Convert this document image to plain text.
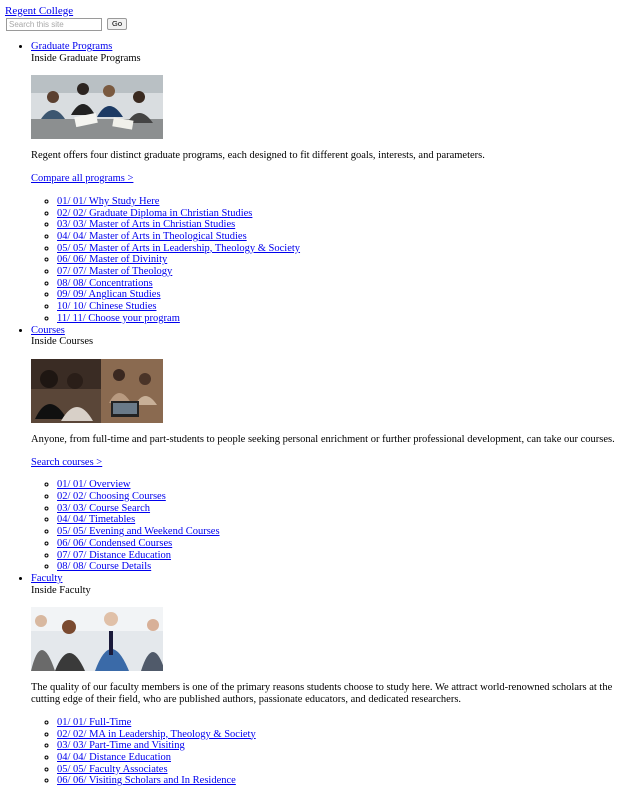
Regent College
Search this site
Go
• Graduate Programs
Inside Graduate Programs

Regent offers four distinct graduate programs, each designed to fit different goals, interests, and parameters.

Compare all programs >
◦ 01/ 01/ Why Study Here
◦ 02/ 02/ Graduate Diploma in Christian Studies
◦ 03/ 03/ Master of Arts in Christian Studies
◦ 04/ 04/ Master of Arts in Theological Studies
◦ 05/ 05/ Master of Arts in Leadership, Theology & Society
◦ 06/ 06/ Master of Divinity
◦ 07/ 07/ Master of Theology
◦ 08/ 08/ Concentrations
◦ 09/ 09/ Anglican Studies
◦ 10/ 10/ Chinese Studies
◦ 11/ 11/ Choose your program
• Courses
Inside Courses

Anyone, from full-time and part-students to people seeking personal enrichment or further professional development, can take our courses.

Search courses >
◦ 01/ 01/ Overview
◦ 02/ 02/ Choosing Courses
◦ 03/ 03/ Course Search
◦ 04/ 04/ Timetables
◦ 05/ 05/ Evening and Weekend Courses
◦ 06/ 06/ Condensed Courses
◦ 07/ 07/ Distance Education
◦ 08/ 08/ Course Details
• Faculty
Inside Faculty

The quality of our faculty members is one of the primary reasons students choose to study here. We attract world-renowned scholars at the cutting edge of their field, who are published authors, passionate educators, and dedicated researchers.

◦ 01/ 01/ Full-Time
◦ 02/ 02/ MA in Leadership, Theology & Society
◦ 03/ 03/ Part-Time and Visiting
◦ 04/ 04/ Distance Education
◦ 05/ 05/ Faculty Associates
◦ 06/ 06/ Visiting Scholars and In Residence
